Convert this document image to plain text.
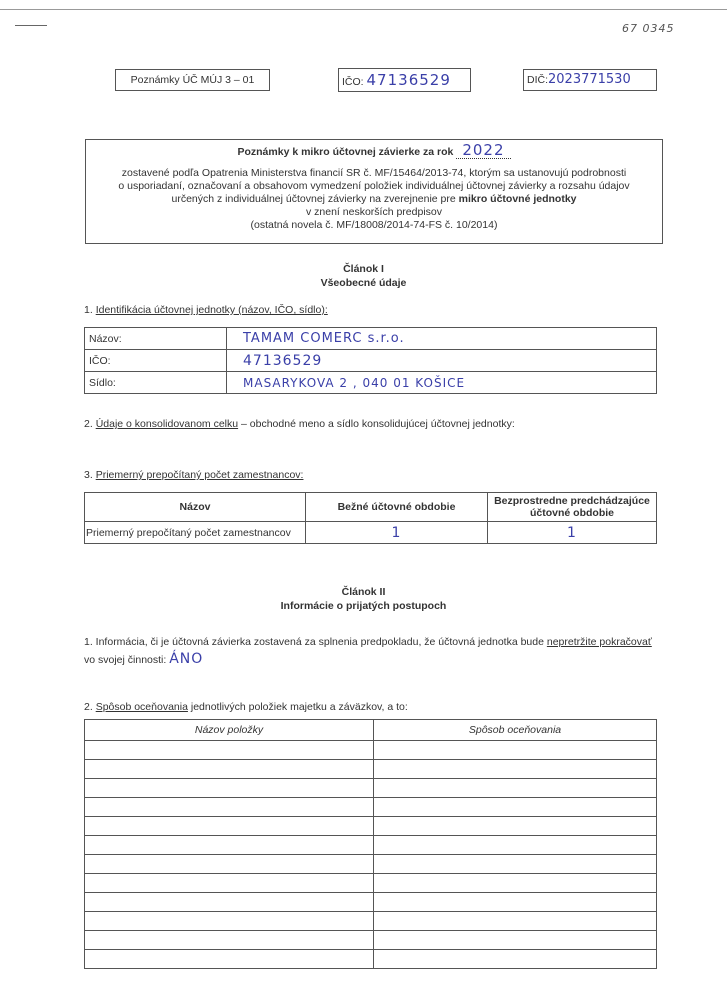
67 0345
Poznámky ÚČ MÚJ 3 – 01	IČO: 47136529	DIČ:2023771530
Poznámky k mikro účtovnej závierke za rok 2022
zostavené podľa Opatrenia Ministerstva financií SR č. MF/15464/2013-74, ktorým sa ustanovujú podrobnosti
o usporiadaní, označovaní a obsahovom vymedzení položiek individuálnej účtovnej závierky a rozsahu údajov
určených z individuálnej účtovnej závierky na zverejnenie pre mikro účtovné jednotky
v znení neskorších predpisov
(ostatná novela č. MF/18008/2014-74-FS č. 10/2014)
Článok I
Všeobecné údaje
1. Identifikácia účtovnej jednotky (názov, IČO, sídlo):
Názov:	TAMAM COMERC s.r.o.
IČO:	47136529
Sídlo:	MASARYKOVA 2 , 040 01 KOŠICE
2. Údaje o konsolidovanom celku – obchodné meno a sídlo konsolidujúcej účtovnej jednotky:
3. Priemerný prepočítaný počet zamestnancov:
Názov	Bežné účtovné obdobie	Bezprostredne predchádzajúce účtovné obdobie
Priemerný prepočítaný počet zamestnancov	1	1
Článok II
Informácie o prijatých postupoch
1. Informácia, či je účtovná závierka zostavená za splnenia predpokladu, že účtovná jednotka bude nepretržite pokračovať
vo svojej činnosti: ÁNO
2. Spôsob oceňovania jednotlivých položiek majetku a záväzkov, a to:
Názov položky	Spôsob oceňovania
